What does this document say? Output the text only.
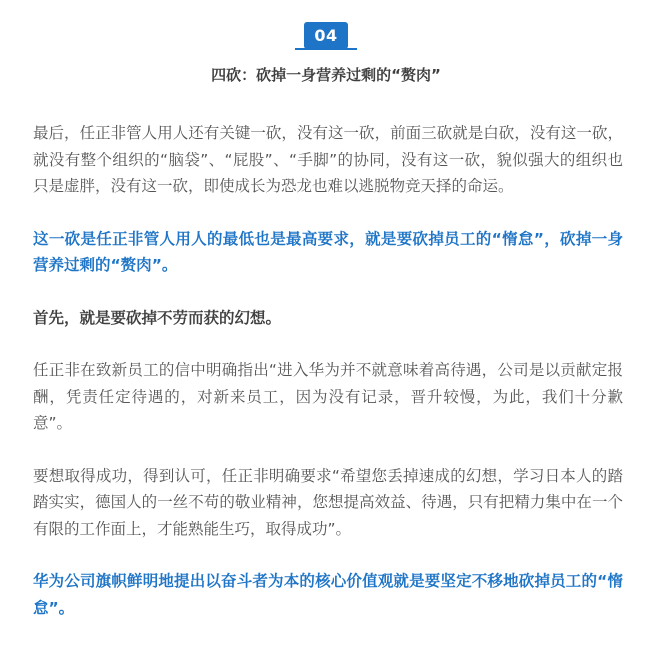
04
四砍：砍掉一身营养过剩的“赘肉”

最后，任正非管人用人还有关键一砍，没有这一砍，前面三砍就是白砍，没有这一砍，就没有整个组织的“脑袋”、“屁股”、“手脚”的协同，没有这一砍，貌似强大的组织也只是虚胖，没有这一砍，即使成长为恐龙也难以逃脱物竞天择的命运。

这一砍是任正非管人用人的最低也是最高要求，就是要砍掉员工的“惰怠”，砍掉一身营养过剩的“赘肉”。

首先，就是要砍掉不劳而获的幻想。

任正非在致新员工的信中明确指出“进入华为并不就意味着高待遇，公司是以贡献定报酬，凭责任定待遇的，对新来员工，因为没有记录，晋升较慢，为此，我们十分歉意”。

要想取得成功，得到认可，任正非明确要求“希望您丢掉速成的幻想，学习日本人的踏踏实实，德国人的一丝不苟的敬业精神，您想提高效益、待遇，只有把精力集中在一个有限的工作面上，才能熟能生巧，取得成功”。

华为公司旗帜鲜明地提出以奋斗者为本的核心价值观就是要坚定不移地砍掉员工的“惰怠”。
